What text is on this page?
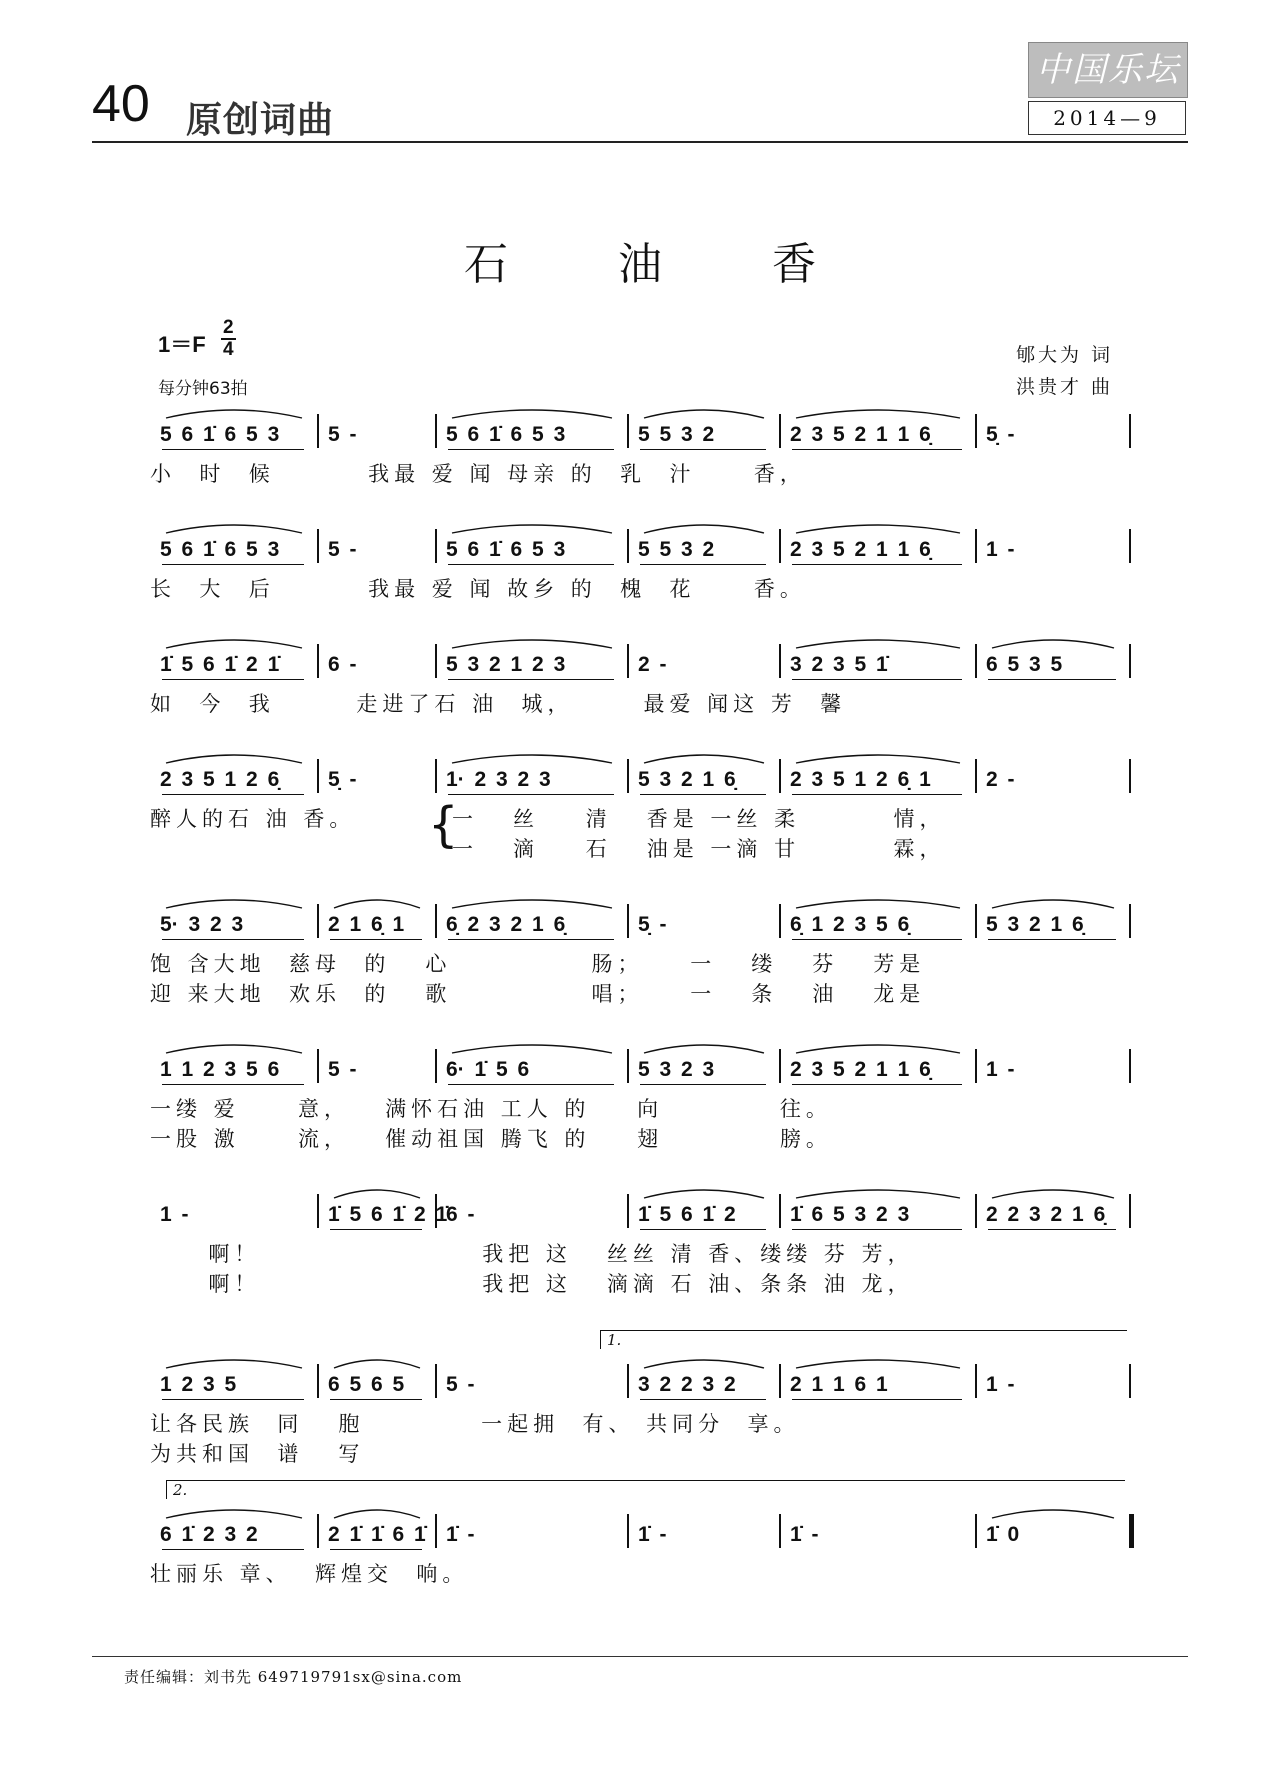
40 原创词曲
中国乐坛
2014—9
石 油 香
1＝F
2
4
每分钟63拍
郇大为 词
洪贵才 曲
5 6 1̇ 6 5 3	5 -	5 6 1̇ 6 5 3	5 5 3 2	2 3 5 2 1 1 6̣	5̣ -
小  时  候        我最 爱 闻 母亲 的  乳  汁     香，
5 6 1̇ 6 5 3	5 -	5 6 1̇ 6 5 3	5 5 3 2	2 3 5 2 1 1 6̣	1 -
长  大  后        我最 爱 闻 故乡 的  槐  花     香。
1̇ 5 6 1̇ 2 1̇	6 -	5 3 2 1 2 3	2 -	3 2 3 5 1̇	6 5 3 5
如  今  我       走进了石 油  城，      最爱 闻这 芳  馨
2 3 5 1 2 6̣	5̣ -	1· 2 3 2 3	5 3 2 1 6̣	2 3 5 1 2 6̣ 1	2 -
醉人的石 油 香。	一   丝    清   香是 一丝 柔        情，
一   滴    石   油是 一滴 甘        霖，
{
5· 3 2 3	2 1 6̣ 1	6̣ 2 3 2 1 6̣	5̣ -	6̣ 1 2 3 5 6̣	5 3 2 1 6̣
饱 含大地  慈母  的   心            肠；    一   缕   芬   芳是
迎 来大地  欢乐  的   歌            唱；    一   条   油   龙是
1 1 2 3 5 6	5 -	6· 1̇ 5 6	5 3 2 3	2 3 5 2 1 1 6̣	1 -
一缕 爱     意，   满怀石油 工人 的    向          往。
一股 激     流，   催动祖国 腾飞 的    翅          膀。
1 -	1̇ 5 6 1̇ 2 1̇
6 -	1̇ 5 6 1̇ 2	1̇ 6 5 3 2 3	2 2 3 2 1 6̣
啊！                   我把 这   丝丝 清 香、缕缕 芬 芳，
啊！                   我把 这   滴滴 石 油、条条 油 龙，
1.
1 2 3 5	6 5 6 5	5 -	3 2 2 3 2	2 1 1 6 1	1 -
让各民族  同   胞          一起拥  有、 共同分  享。
为共和国  谱   写
2.
6 1̇ 2 3 2	2 1̇ 1̇ 6 1̇ 1̇ -	1̇ -	1̇ -	1̇ 0
壮丽乐 章、  辉煌交  响。
责任编辑：刘书先 649719791sx@sina.com
